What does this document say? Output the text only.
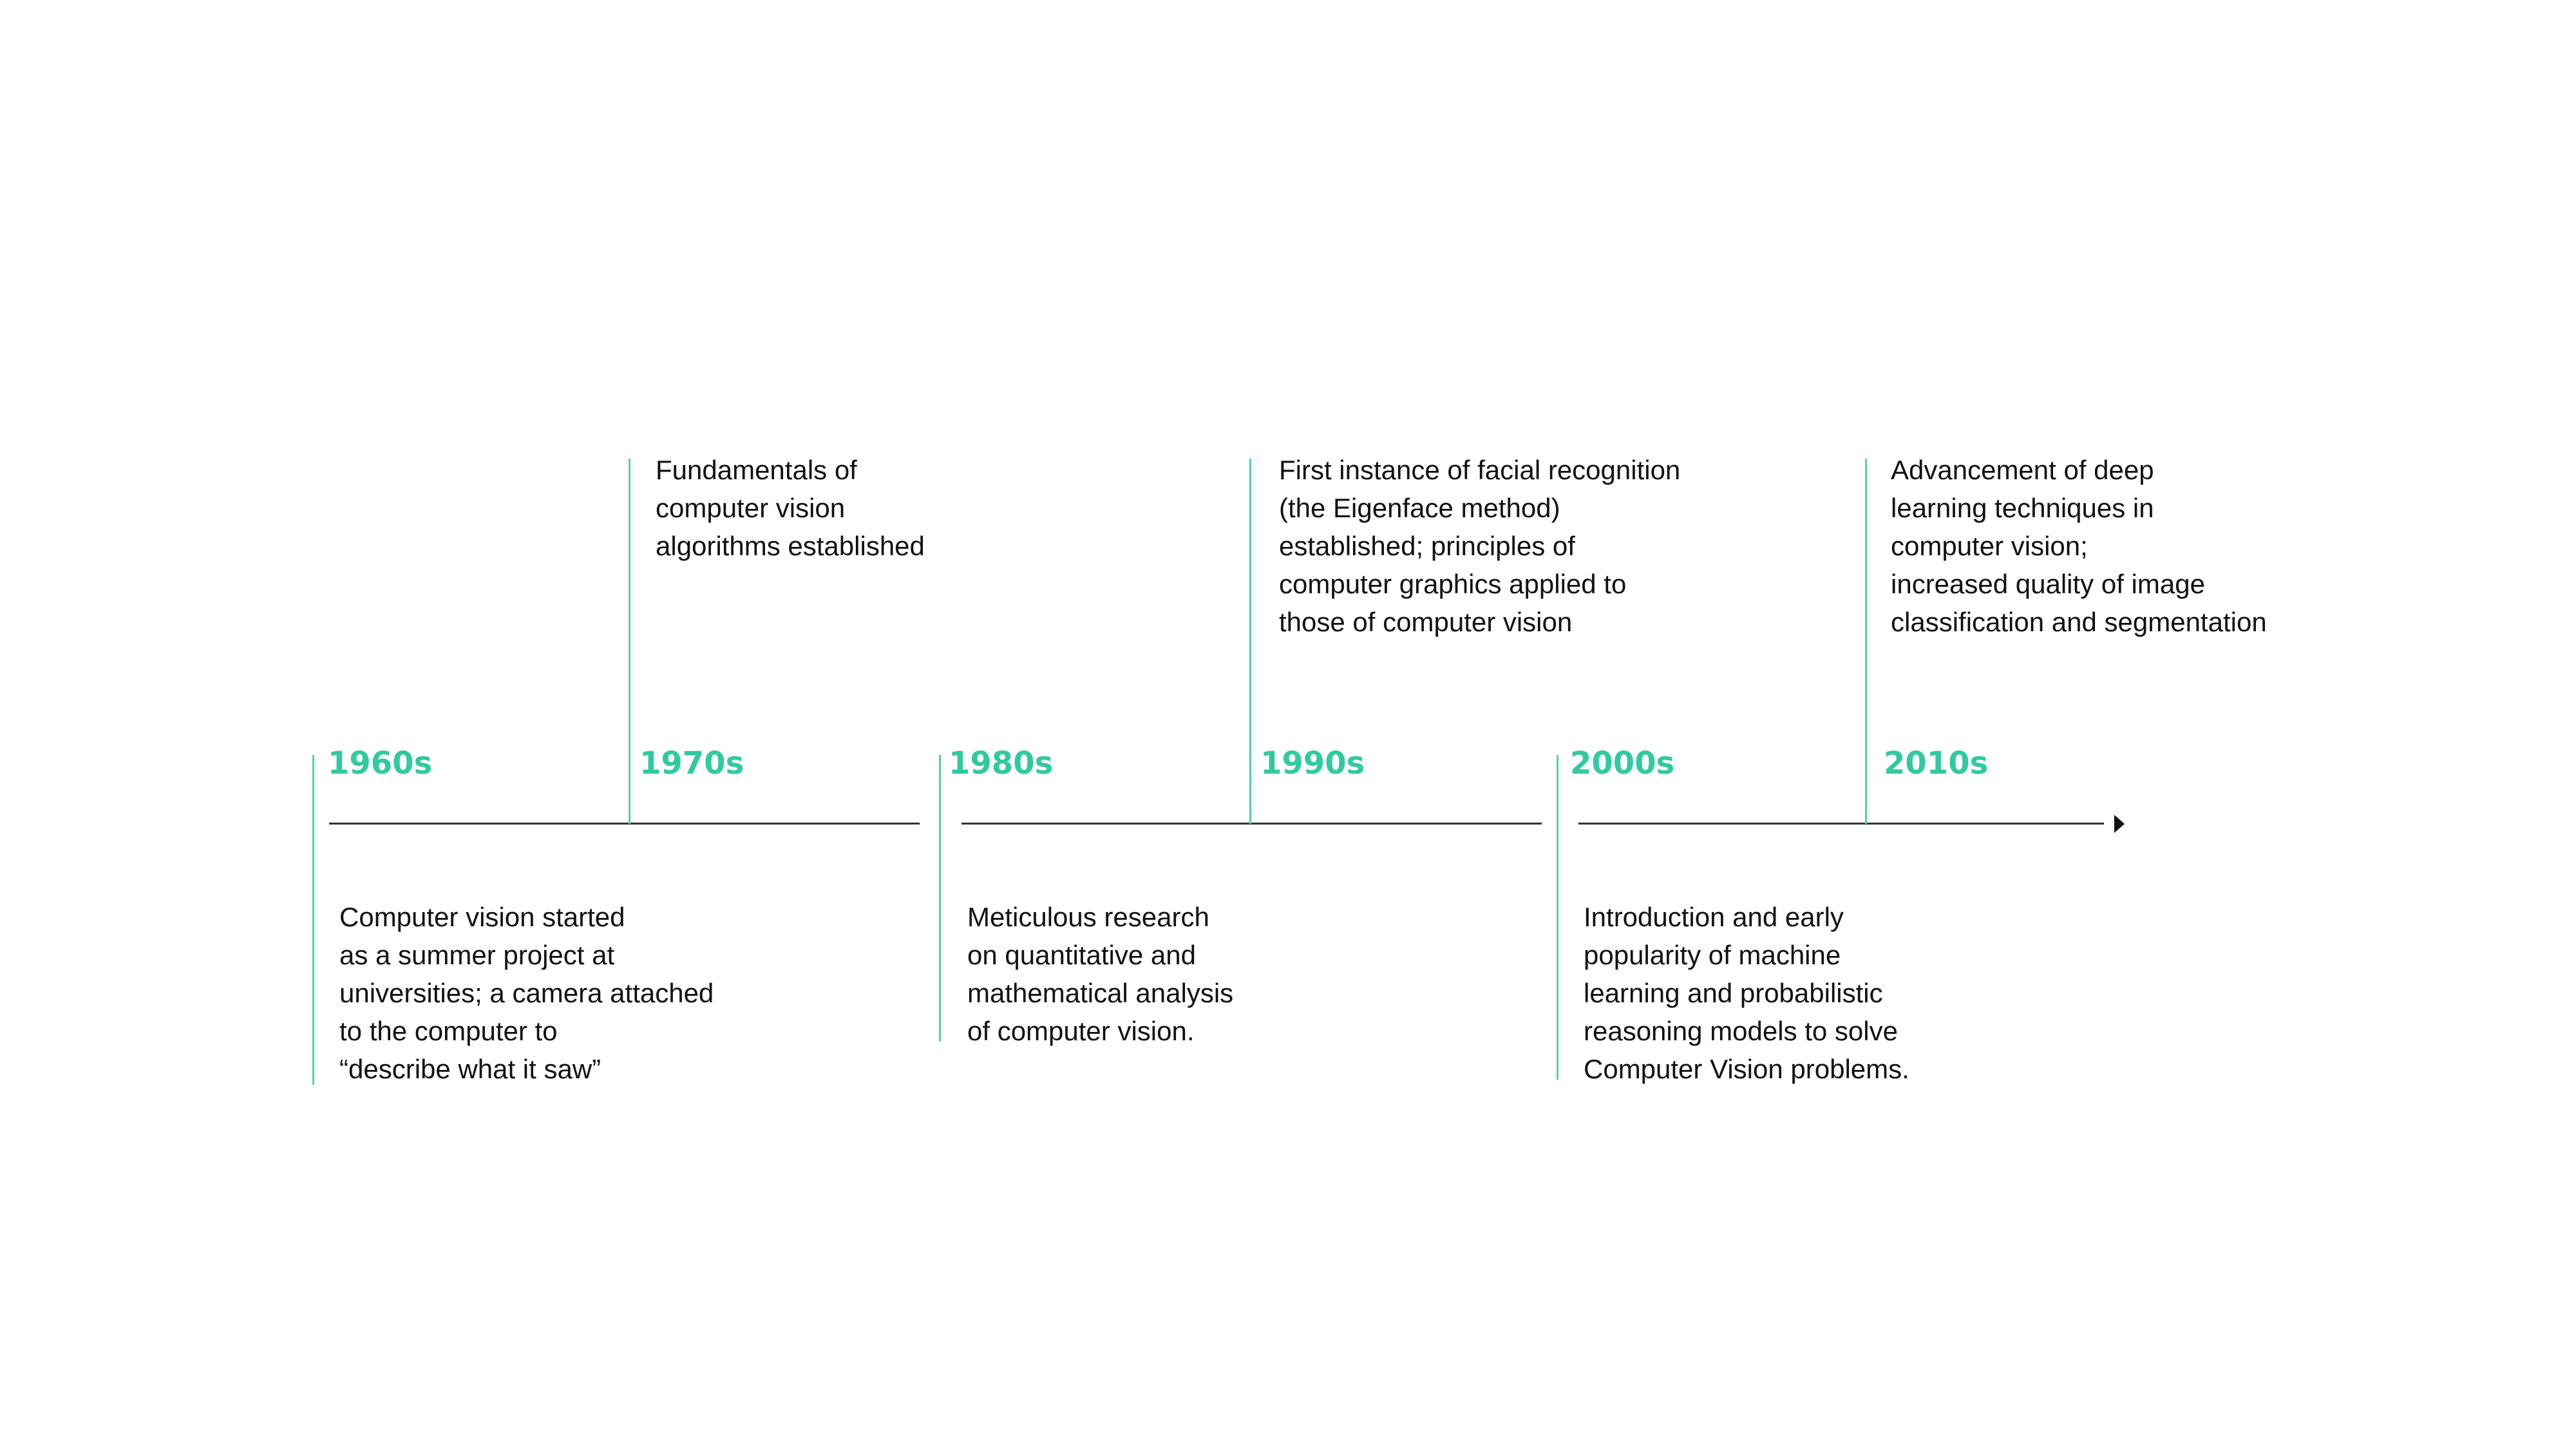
1960s	1970s	1980s	1990s	2000s	2010s
Computer vision started
as a summer project at
universities; a camera attached
to the computer to
“describe what it saw”
Fundamentals of
computer vision
algorithms established
Meticulous research
on quantitative and
mathematical analysis
of computer vision.
First instance of facial recognition
(the Eigenface method)
established; principles of
computer graphics applied to
those of computer vision
Introduction and early
popularity of machine
learning and probabilistic
reasoning models to solve
Computer Vision problems.
Advancement of deep
learning techniques in
computer vision;
increased quality of image
classification and segmentation
